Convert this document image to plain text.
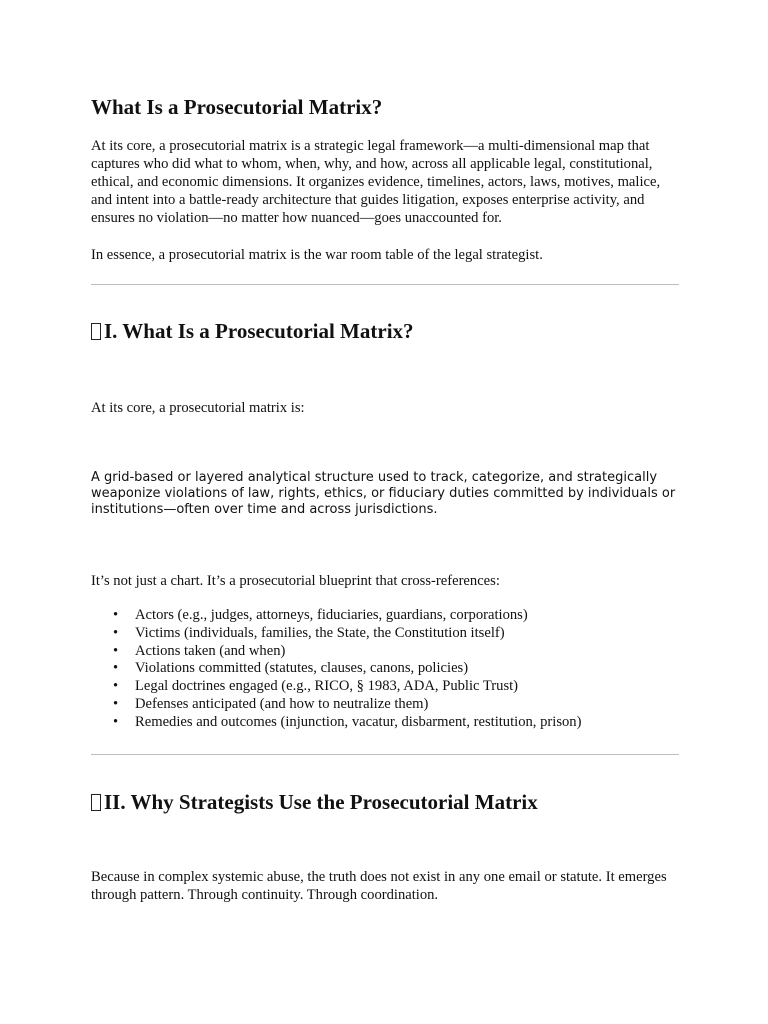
What Is a Prosecutorial Matrix?

At its core, a prosecutorial matrix is a strategic legal framework—a multi-dimensional map that captures who did what to whom, when, why, and how, across all applicable legal, constitutional, ethical, and economic dimensions. It organizes evidence, timelines, actors, laws, motives, malice, and intent into a battle-ready architecture that guides litigation, exposes enterprise activity, and ensures no violation—no matter how nuanced—goes unaccounted for.

In essence, a prosecutorial matrix is the war room table of the legal strategist.

I. What Is a Prosecutorial Matrix?

At its core, a prosecutorial matrix is:

A grid-based or layered analytical structure used to track, categorize, and strategically weaponize violations of law, rights, ethics, or fiduciary duties committed by individuals or institutions—often over time and across jurisdictions.

It’s not just a chart. It’s a prosecutorial blueprint that cross-references:

• Actors (e.g., judges, attorneys, fiduciaries, guardians, corporations)
• Victims (individuals, families, the State, the Constitution itself)
• Actions taken (and when)
• Violations committed (statutes, clauses, canons, policies)
• Legal doctrines engaged (e.g., RICO, § 1983, ADA, Public Trust)
• Defenses anticipated (and how to neutralize them)
• Remedies and outcomes (injunction, vacatur, disbarment, restitution, prison)
II. Why Strategists Use the Prosecutorial Matrix

Because in complex systemic abuse, the truth does not exist in any one email or statute. It emerges through pattern. Through continuity. Through coordination.
